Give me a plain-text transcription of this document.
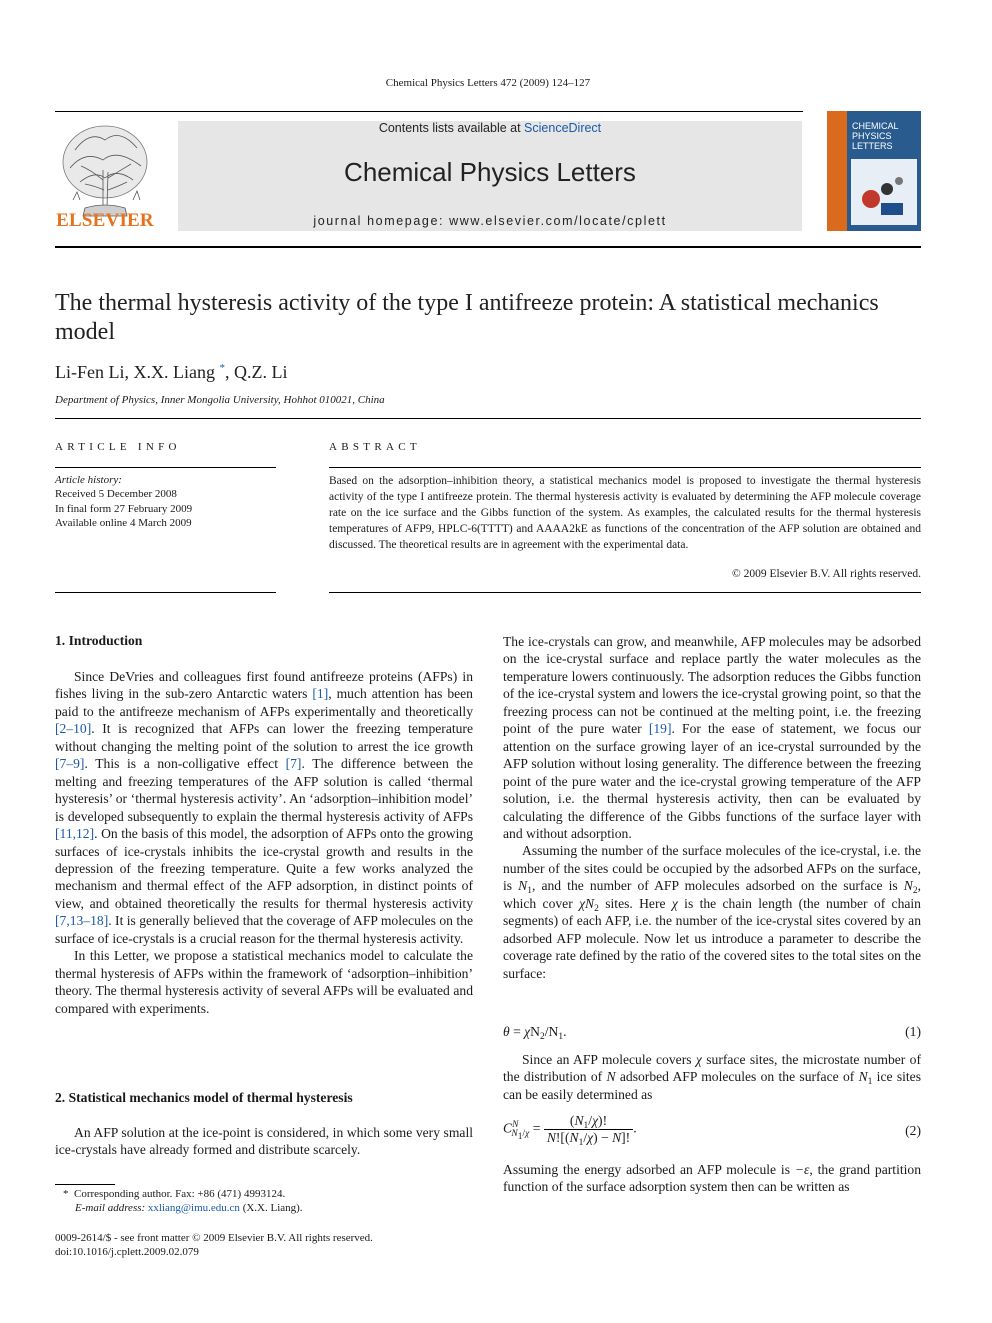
Chemical Physics Letters 472 (2009) 124–127
ELSEVIER
Contents lists available at ScienceDirect
Chemical Physics Letters
journal homepage: www.elsevier.com/locate/cplett
CHEMICAL PHYSICS LETTERS
The thermal hysteresis activity of the type I antifreeze protein: A statistical mechanics model
Li-Fen Li, X.X. Liang *, Q.Z. Li
Department of Physics, Inner Mongolia University, Hohhot 010021, China
ARTICLE INFO	ABSTRACT
Article history:
Received 5 December 2008
In final form 27 February 2009
Available online 4 March 2009
Based on the adsorption–inhibition theory, a statistical mechanics model is proposed to investigate the thermal hysteresis activity of the type I antifreeze protein. The thermal hysteresis activity is evaluated by determining the AFP molecule coverage rate on the ice surface and the Gibbs function of the system. As examples, the calculated results for the thermal hysteresis temperatures of AFP9, HPLC-6(TTTT) and AAAA2kE as functions of the concentration of the AFP solution are obtained and discussed. The theoretical results are in agreement with the experimental data.
© 2009 Elsevier B.V. All rights reserved.
1. Introduction

Since DeVries and colleagues first found antifreeze proteins (AFPs) in fishes living in the sub-zero Antarctic waters [1], much attention has been paid to the antifreeze mechanism of AFPs experimentally and theoretically [2–10]. It is recognized that AFPs can lower the freezing temperature without changing the melting point of the solution to arrest the ice growth [7–9]. This is a non-colligative effect [7]. The difference between the melting and freezing temperatures of the AFP solution is called ‘thermal hysteresis’ or ‘thermal hysteresis activity’. An ‘adsorption–inhibition model’ is developed subsequently to explain the thermal hysteresis activity of AFPs [11,12]. On the basis of this model, the adsorption of AFPs onto the growing surfaces of ice-crystals inhibits the ice-crystal growth and results in the depression of the freezing temperature. Quite a few works analyzed the mechanism and thermal effect of the AFP adsorption, in distinct points of view, and obtained theoretically the results for thermal hysteresis activity [7,13–18]. It is generally believed that the coverage of AFP molecules on the surface of ice-crystals is a crucial reason for the thermal hysteresis activity.

In this Letter, we propose a statistical mechanics model to calculate the thermal hysteresis of AFPs within the framework of ‘adsorption–inhibition’ theory. The thermal hysteresis activity of several AFPs will be evaluated and compared with experiments.

2. Statistical mechanics model of thermal hysteresis

An AFP solution at the ice-point is considered, in which some very small ice-crystals have already formed and distribute scarcely.

The ice-crystals can grow, and meanwhile, AFP molecules may be adsorbed on the ice-crystal surface and replace partly the water molecules as the temperature lowers continuously. The adsorption reduces the Gibbs function of the ice-crystal system and lowers the ice-crystal growing point, so that the freezing process can not be continued at the melting point, i.e. the freezing point of the pure water [19]. For the ease of statement, we focus our attention on the surface growing layer of an ice-crystal surrounded by the AFP solution without losing generality. The difference between the freezing point of the pure water and the ice-crystal growing temperature of the AFP solution, i.e. the thermal hysteresis activity, then can be evaluated by calculating the difference of the Gibbs functions of the surface layer with and without adsorption.

Assuming the number of the surface molecules of the ice-crystal, i.e. the number of the sites could be occupied by the adsorbed AFPs on the surface, is $N_1$, and the number of AFP molecules adsorbed on the surface is $N_2$, which cover $\chi N_2$ sites. Here χ is the chain length (the number of chain segments) of each AFP, i.e. the number of the ice-crystal sites covered by an adsorbed AFP molecule. Now let us introduce a parameter to describe the coverage rate defined by the ratio of the covered sites to the total sites on the surface:

$\theta = \chi N_2/N_1$.	(1)

Since an AFP molecule covers χ surface sites, the microstate number of the distribution of N adsorbed AFP molecules on the surface of $N_1$ ice sites can be easily determined as

$C^N_{N_1/\chi} = \frac{(N_1/\chi)!}{N![(N_1/\chi) - N]!}$ .	(2)

Assuming the energy adsorbed an AFP molecule is −ε, the grand partition function of the surface adsorption system then can be written as

* Corresponding author. Fax: +86 (471) 4993124.
E-mail address: xxliang@imu.edu.cn (X.X. Liang).
0009-2614/$ - see front matter © 2009 Elsevier B.V. All rights reserved.
doi:10.1016/j.cplett.2009.02.079
